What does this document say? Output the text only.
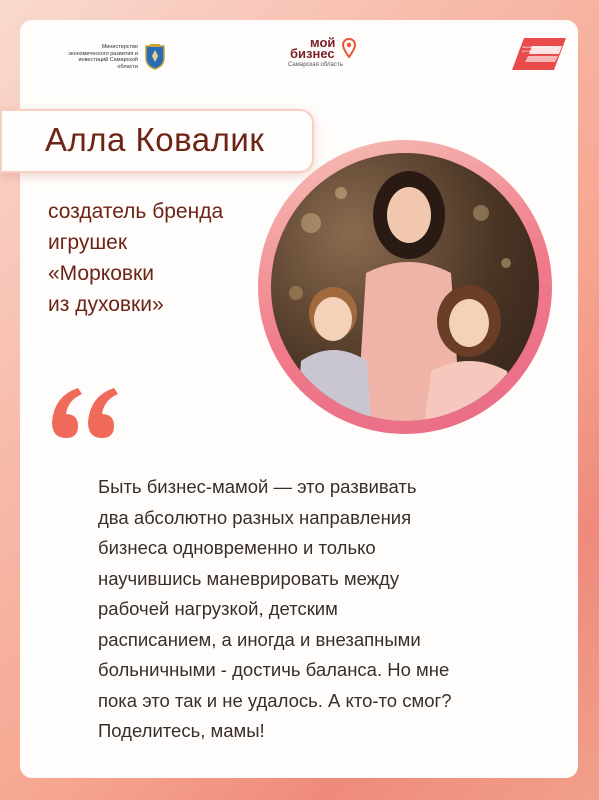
Министерство экономического развития и инвестиций Самарской области
мой
бизнес
Самарская область
национальные проекты россии
Алла Ковалик
создатель бренда
игрушек
«Морковки
из духовки»
Быть бизнес-мамой — это развивать
два абсолютно разных направления
бизнеса одновременно и только
научившись маневрировать между
рабочей нагрузкой, детским
расписанием, а иногда и внезапными
больничными - достичь баланса. Но мне
пока это так и не удалось. А кто-то смог?
Поделитесь, мамы!
